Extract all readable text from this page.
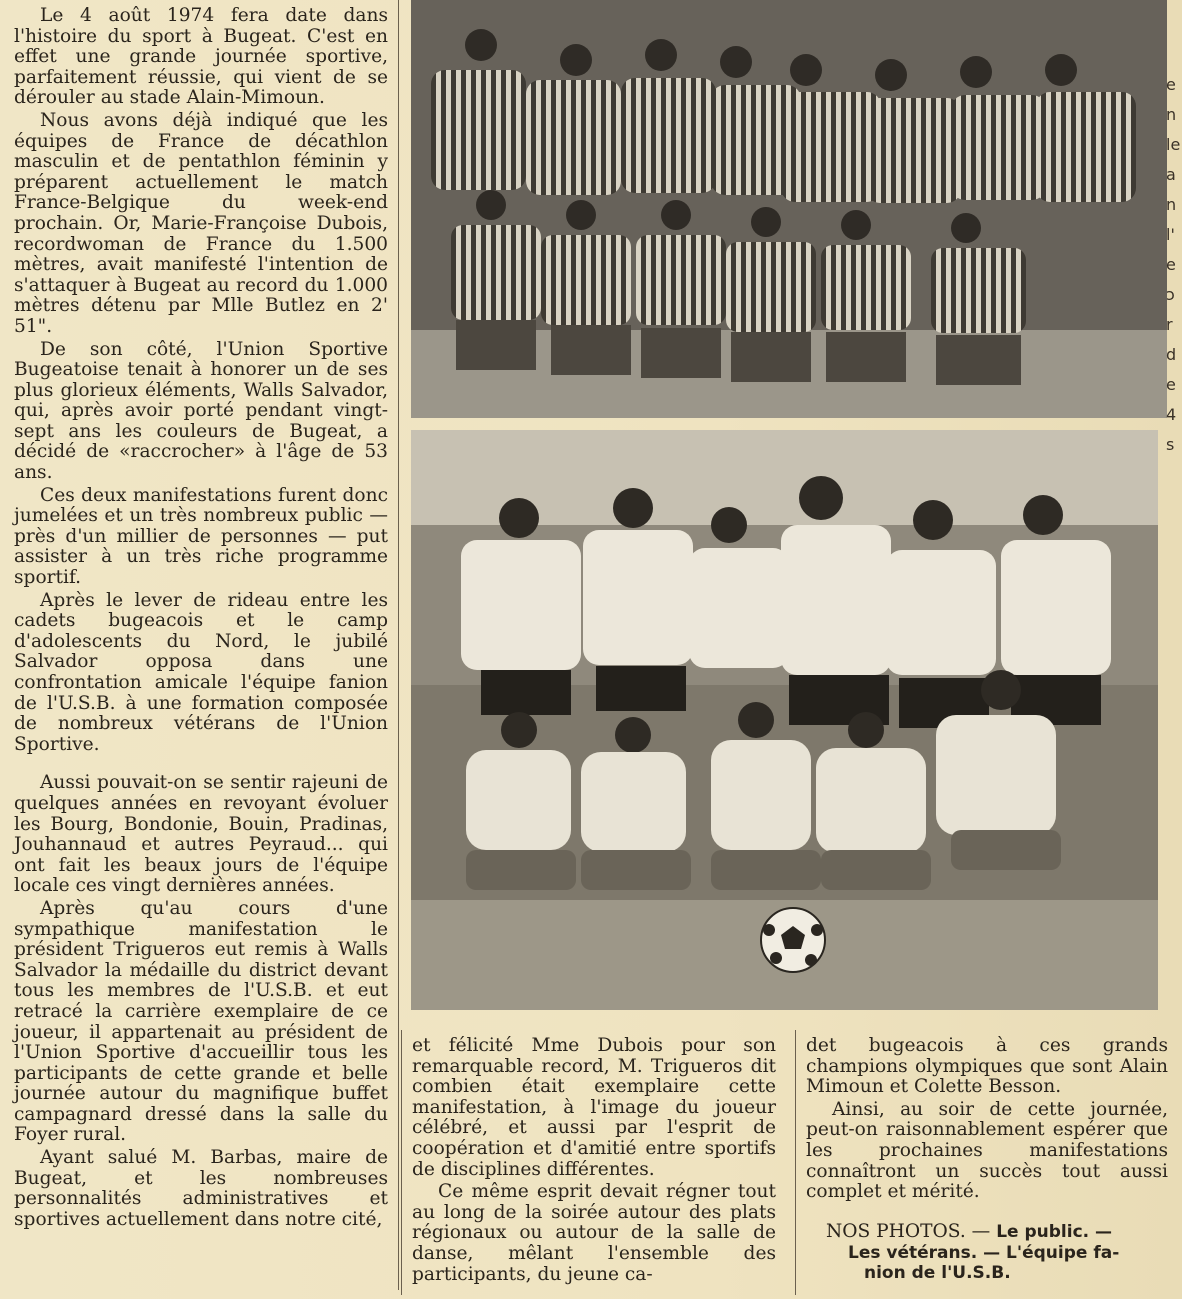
Le 4 août 1974 fera date dans l'histoire du sport à Bugeat. C'est en effet une grande journée sportive, parfaitement réussie, qui vient de se dérouler au stade Alain-Mimoun.

Nous avons déjà indiqué que les équipes de France de décathlon masculin et de pentathlon féminin y préparent actuellement le match France-Belgique du week-end prochain. Or, Marie-Françoise Dubois, recordwoman de France du 1.500 mètres, avait manifesté l'intention de s'attaquer à Bugeat au record du 1.000 mètres détenu par Mlle Butlez en 2' 51".

De son côté, l'Union Sportive Bugeatoise tenait à honorer un de ses plus glorieux éléments, Walls Salvador, qui, après avoir porté pendant vingt-sept ans les couleurs de Bugeat, a décidé de «raccrocher» à l'âge de 53 ans.

Ces deux manifestations furent donc jumelées et un très nombreux public — près d'un millier de personnes — put assister à un très riche programme sportif.

Après le lever de rideau entre les cadets bugeacois et le camp d'adolescents du Nord, le jubilé Salvador opposa dans une confrontation amicale l'équipe fanion de l'U.S.B. à une formation composée de nombreux vétérans de l'Union Sportive.

Aussi pouvait-on se sentir rajeuni de quelques années en revoyant évoluer les Bourg, Bondonie, Bouin, Pradinas, Jouhannaud et autres Peyraud... qui ont fait les beaux jours de l'équipe locale ces vingt dernières années.

Après qu'au cours d'une sympathique manifestation le président Trigueros eut remis à Walls Salvador la médaille du district devant tous les membres de l'U.S.B. et eut retracé la carrière exemplaire de ce joueur, il appartenait au président de l'Union Sportive d'accueillir tous les participants de cette grande et belle journée autour du magnifique buffet campagnard dressé dans la salle du Foyer rural.

Ayant salué M. Barbas, maire de Bugeat, et les nombreuses personnalités administratives et sportives actuellement dans notre cité,

et félicité Mme Dubois pour son remarquable record, M. Trigueros dit combien était exemplaire cette manifestation, à l'image du joueur célébré, et aussi par l'esprit de coopération et d'amitié entre sportifs de disciplines différentes.

Ce même esprit devait régner tout au long de la soirée autour des plats régionaux ou autour de la salle de danse, mêlant l'ensemble des participants, du jeune ca-

det bugeacois à ces grands champions olympiques que sont Alain Mimoun et Colette Besson.

Ainsi, au soir de cette journée, peut-on raisonnablement espérer que les prochaines manifestations connaîtront un succès tout aussi complet et mérité.

NOS PHOTOS. — Le public. —
Les vétérans. — L'équipe fa-
nion de l'U.S.B.
e
n
le
a
n
l'
e
ɔ
r
d
e
4
s
